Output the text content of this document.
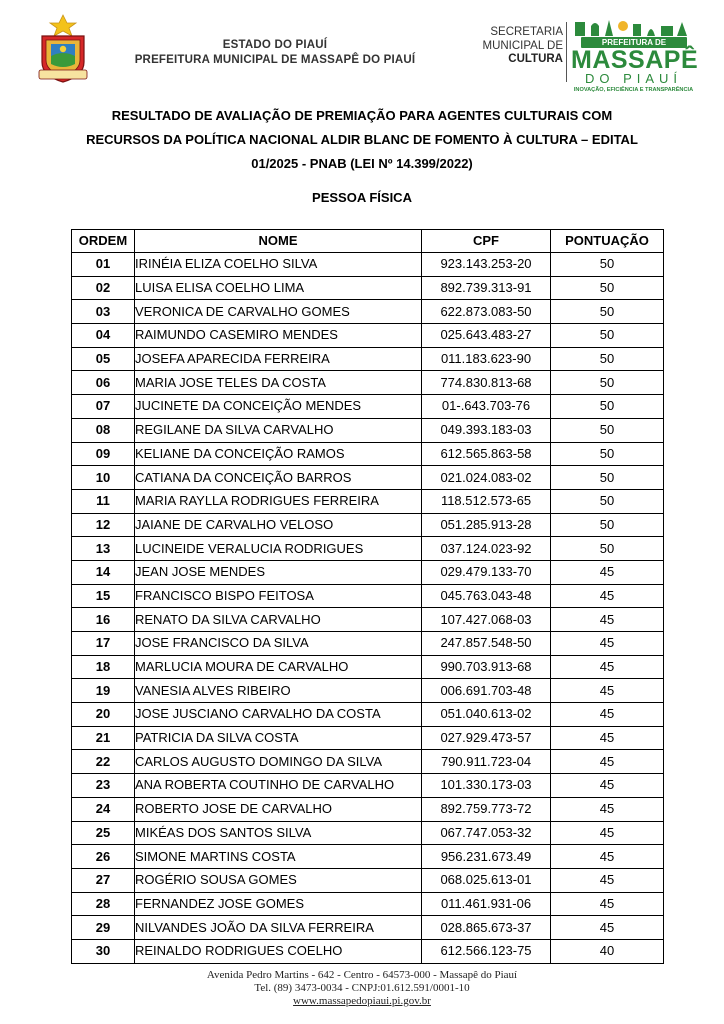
ESTADO DO PIAUÍ
PREFEITURA MUNICIPAL DE MASSAPÊ DO PIAUÍ
SECRETARIA
MUNICIPAL DE
CULTURA
PREFEITURA DE
MASSAPÊ
DO PIAUÍ
INOVAÇÃO, EFICIÊNCIA E TRANSPARÊNCIA
RESULTADO DE AVALIAÇÃO DE PREMIAÇÃO PARA AGENTES CULTURAIS COM
RECURSOS DA POLÍTICA NACIONAL ALDIR BLANC DE FOMENTO À CULTURA – EDITAL
01/2025 - PNAB (LEI Nº 14.399/2022)
PESSOA FÍSICA
ORDEM	NOME	CPF	PONTUAÇÃO
01	IRINÉIA ELIZA COELHO SILVA	923.143.253-20	50
02	LUISA ELISA COELHO LIMA	892.739.313-91	50
03	VERONICA DE CARVALHO GOMES	622.873.083-50	50
04	RAIMUNDO CASEMIRO MENDES	025.643.483-27	50
05	JOSEFA APARECIDA FERREIRA	011.183.623-90	50
06	MARIA JOSE TELES DA COSTA	774.830.813-68	50
07	JUCINETE DA CONCEIÇÃO MENDES	01-.643.703-76	50
08	REGILANE DA SILVA CARVALHO	049.393.183-03	50
09	KELIANE DA CONCEIÇÃO RAMOS	612.565.863-58	50
10	CATIANA DA CONCEIÇÃO BARROS	021.024.083-02	50
11	MARIA RAYLLA RODRIGUES FERREIRA	118.512.573-65	50
12	JAIANE DE CARVALHO VELOSO	051.285.913-28	50
13	LUCINEIDE VERALUCIA RODRIGUES	037.124.023-92	50
14	JEAN JOSE MENDES	029.479.133-70	45
15	FRANCISCO BISPO FEITOSA	045.763.043-48	45
16	RENATO DA SILVA CARVALHO	107.427.068-03	45
17	JOSE FRANCISCO DA SILVA	247.857.548-50	45
18	MARLUCIA MOURA DE CARVALHO	990.703.913-68	45
19	VANESIA ALVES RIBEIRO	006.691.703-48	45
20	JOSE JUSCIANO CARVALHO DA COSTA	051.040.613-02	45
21	PATRICIA DA SILVA COSTA	027.929.473-57	45
22	CARLOS AUGUSTO DOMINGO DA SILVA	790.911.723-04	45
23	ANA ROBERTA COUTINHO DE CARVALHO	101.330.173-03	45
24	ROBERTO JOSE DE CARVALHO	892.759.773-72	45
25	MIKÉAS DOS SANTOS SILVA	067.747.053-32	45
26	SIMONE MARTINS COSTA	956.231.673.49	45
27	ROGÉRIO SOUSA GOMES	068.025.613-01	45
28	FERNANDEZ JOSE GOMES	011.461.931-06	45
29	NILVANDES JOÃO DA SILVA FERREIRA	028.865.673-37	45
30	REINALDO RODRIGUES COELHO	612.566.123-75	40
Avenida Pedro Martins - 642 - Centro - 64573-000 - Massapê do Piauí
Tel. (89) 3473-0034 - CNPJ:01.612.591/0001-10
www.massapedopiaui.pi.gov.br
